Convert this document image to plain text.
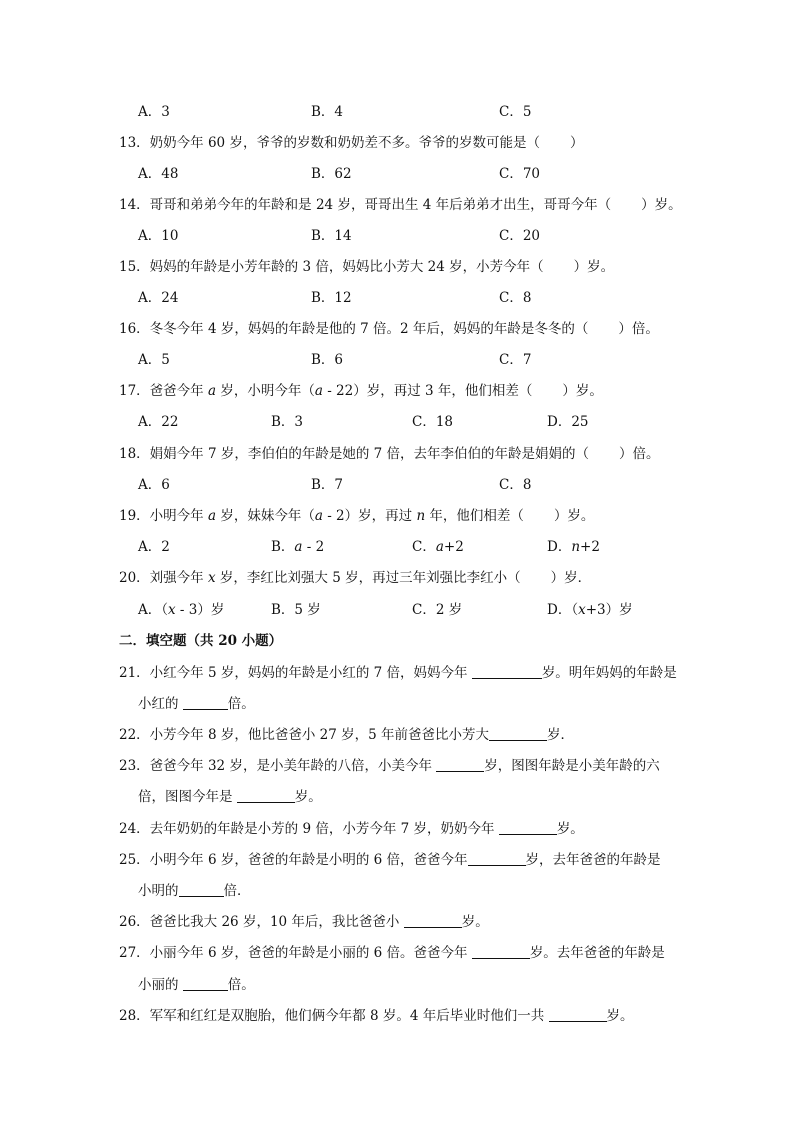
A．3	B．4	C．5
13．奶奶今年 60 岁，爷爷的岁数和奶奶差不多。爷爷的岁数可能是（ ）
A．48	B．62	C．70
14．哥哥和弟弟今年的年龄和是 24 岁，哥哥出生 4 年后弟弟才出生，哥哥今年（ ）岁。
A．10	B．14	C．20
15．妈妈的年龄是小芳年龄的 3 倍，妈妈比小芳大 24 岁，小芳今年（ ）岁。
A．24	B．12	C．8
16．冬冬今年 4 岁，妈妈的年龄是他的 7 倍。2 年后，妈妈的年龄是冬冬的（ ）倍。
A．5	B．6	C．7
17．爸爸今年 a 岁，小明今年（a - 22）岁，再过 3 年，他们相差（ ）岁。
A．22	B．3	C．18	D．25
18．娟娟今年 7 岁，李伯伯的年龄是她的 7 倍，去年李伯伯的年龄是娟娟的（ ）倍。
A．6	B．7	C．8
19．小明今年 a 岁，妹妹今年（a - 2）岁，再过 n 年，他们相差（ ）岁。
A．2	B．a - 2	C．a+2	D．n+2
20．刘强今年 x 岁，李红比刘强大 5 岁，再过三年刘强比李红小（ ）岁．
A．（x - 3）岁	B．5 岁	C．2 岁	D．（x+3）岁
二．填空题（共 20 小题）
21．小红今年 5 岁，妈妈的年龄是小红的 7 倍，妈妈今年	岁。明年妈妈的年龄是
小红的	倍。
22．小芳今年 8 岁，他比爸爸小 27 岁，5 年前爸爸比小芳大	岁．
23．爸爸今年 32 岁，是小美年龄的八倍，小美今年	岁，图图年龄是小美年龄的六
倍，图图今年是	岁。
24．去年奶奶的年龄是小芳的 9 倍，小芳今年 7 岁，奶奶今年	岁。
25．小明今年 6 岁，爸爸的年龄是小明的 6 倍，爸爸今年	岁，去年爸爸的年龄是
小明的	倍．
26．爸爸比我大 26 岁，10 年后，我比爸爸小	岁。
27．小丽今年 6 岁，爸爸的年龄是小丽的 6 倍。爸爸今年	岁。去年爸爸的年龄是
小丽的	倍。
28．军军和红红是双胞胎，他们俩今年都 8 岁。4 年后毕业时他们一共	岁。
